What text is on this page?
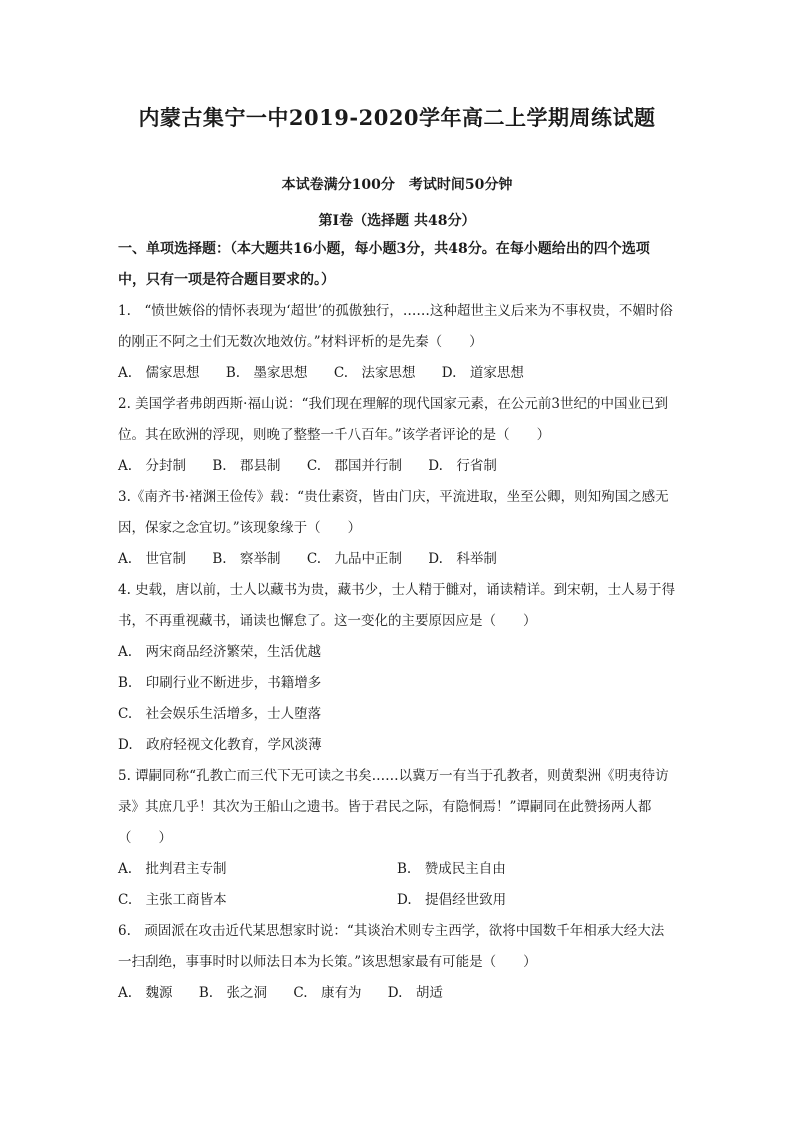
内蒙古集宁一中2019-2020学年高二上学期周练试题
本试卷满分100分　考试时间50分钟
第Ⅰ卷（选择题 共48分）
一、单项选择题：（本大题共16小题，每小题3分，共48分。在每小题给出的四个选项中，只有一项是符合题目要求的。）
1.　“愤世嫉俗的情怀表现为‘超世’的孤傲独行，……这种超世主义后来为不事权贵，不媚时俗的刚正不阿之士们无数次地效仿。”材料评析的是先秦（　　）
A.　儒家思想 B.　墨家思想 C.　法家思想 D.　道家思想
2. 美国学者弗朗西斯·福山说：“我们现在理解的现代国家元素，在公元前3世纪的中国业已到位。其在欧洲的浮现，则晚了整整一千八百年。”该学者评论的是（　　）
A.　分封制 B.　郡县制 C.　郡国并行制 D.　行省制
3.《南齐书·褚渊王俭传》载：“贵仕素资，皆由门庆，平流进取，坐至公卿，则知殉国之感无因，保家之念宜切。”该现象缘于（　　）
A.　世官制 B.　察举制 C.　九品中正制 D.　科举制
4. 史载，唐以前，士人以藏书为贵，藏书少，士人精于雠对，诵读精详。到宋朝，士人易于得书，不再重视藏书，诵读也懈怠了。这一变化的主要原因应是（　　）
A.　两宋商品经济繁荣，生活优越
B.　印刷行业不断进步，书籍增多
C.　社会娱乐生活增多，士人堕落
D.　政府轻视文化教育，学风淡薄
5. 谭嗣同称“孔教亡而三代下无可读之书矣……以冀万一有当于孔教者，则黄梨洲《明夷待访录》其庶几乎！其次为王船山之遗书。皆于君民之际，有隐恫焉！”谭嗣同在此赞扬两人都（　　）
A.　批判君主专制	B.　赞成民主自由
C.　主张工商皆本	D.　提倡经世致用
6.　顽固派在攻击近代某思想家时说：“其谈治术则专主西学，欲将中国数千年相承大经大法一扫刮绝，事事时时以师法日本为长策。”该思想家最有可能是（　　）
A.　魏源 B.　张之洞 C.　康有为 D.　胡适
